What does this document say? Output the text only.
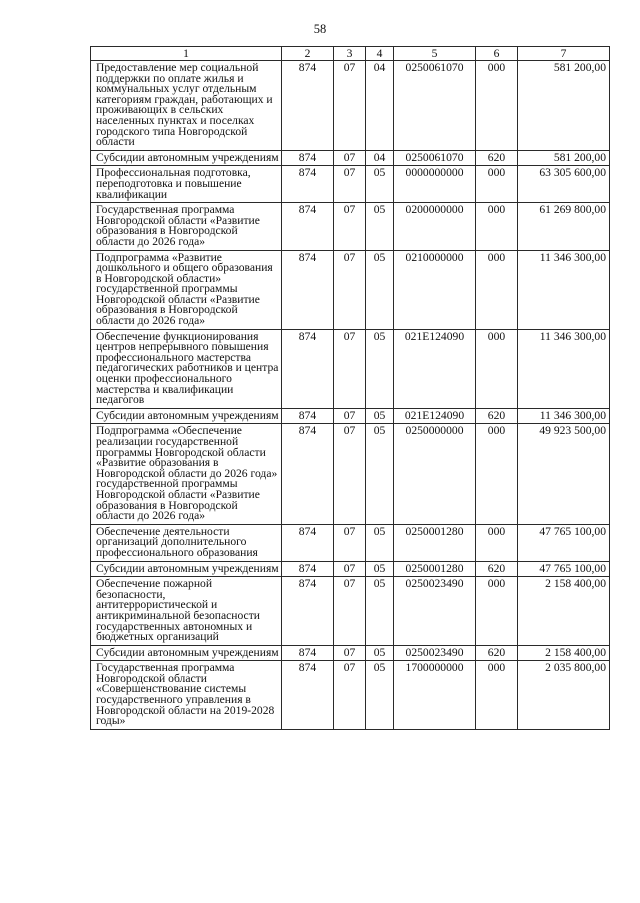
58
1	2	3	4	5	6	7
Предоставление мер социальной поддержки по оплате жилья и коммунальных услуг отдельным категориям граждан, работающих и проживающих в сельских населенных пунктах и поселках городского типа Новгородской области	874	07	04	0250061070	000	581 200,00
Субсидии автономным учреждениям	874	07	04	0250061070	620	581 200,00
Профессиональная подготовка, переподготовка и повышение квалификации	874	07	05	0000000000	000	63 305 600,00
Государственная программа Новгородской области «Развитие образования в Новгородской области до 2026 года»	874	07	05	0200000000	000	61 269 800,00
Подпрограмма «Развитие дошкольного и общего образования в Новгородской области» государственной программы Новгородской области «Развитие образования в Новгородской области до 2026 года»	874	07	05	0210000000	000	11 346 300,00
Обеспечение функционирования центров непрерывного повышения профессионального мастерства педагогических работников и центра оценки профессионального мастерства и квалификации педагогов	874	07	05	021E124090	000	11 346 300,00
Субсидии автономным учреждениям	874	07	05	021E124090	620	11 346 300,00
Подпрограмма «Обеспечение реализации государственной программы Новгородской области «Развитие образования в Новгородской области до 2026 года» государственной программы Новгородской области «Развитие образования в Новгородской области до 2026 года»	874	07	05	0250000000	000	49 923 500,00
Обеспечение деятельности организаций дополнительного профессионального образования	874	07	05	0250001280	000	47 765 100,00
Субсидии автономным учреждениям	874	07	05	0250001280	620	47 765 100,00
Обеспечение пожарной безопасности, антитеррористической и антикриминальной безопасности государственных автономных и бюджетных организаций	874	07	05	0250023490	000	2 158 400,00
Субсидии автономным учреждениям	874	07	05	0250023490	620	2 158 400,00
Государственная программа Новгородской области «Совершенствование системы государственного управления в Новгородской области на 2019-2028 годы»	874	07	05	1700000000	000	2 035 800,00
